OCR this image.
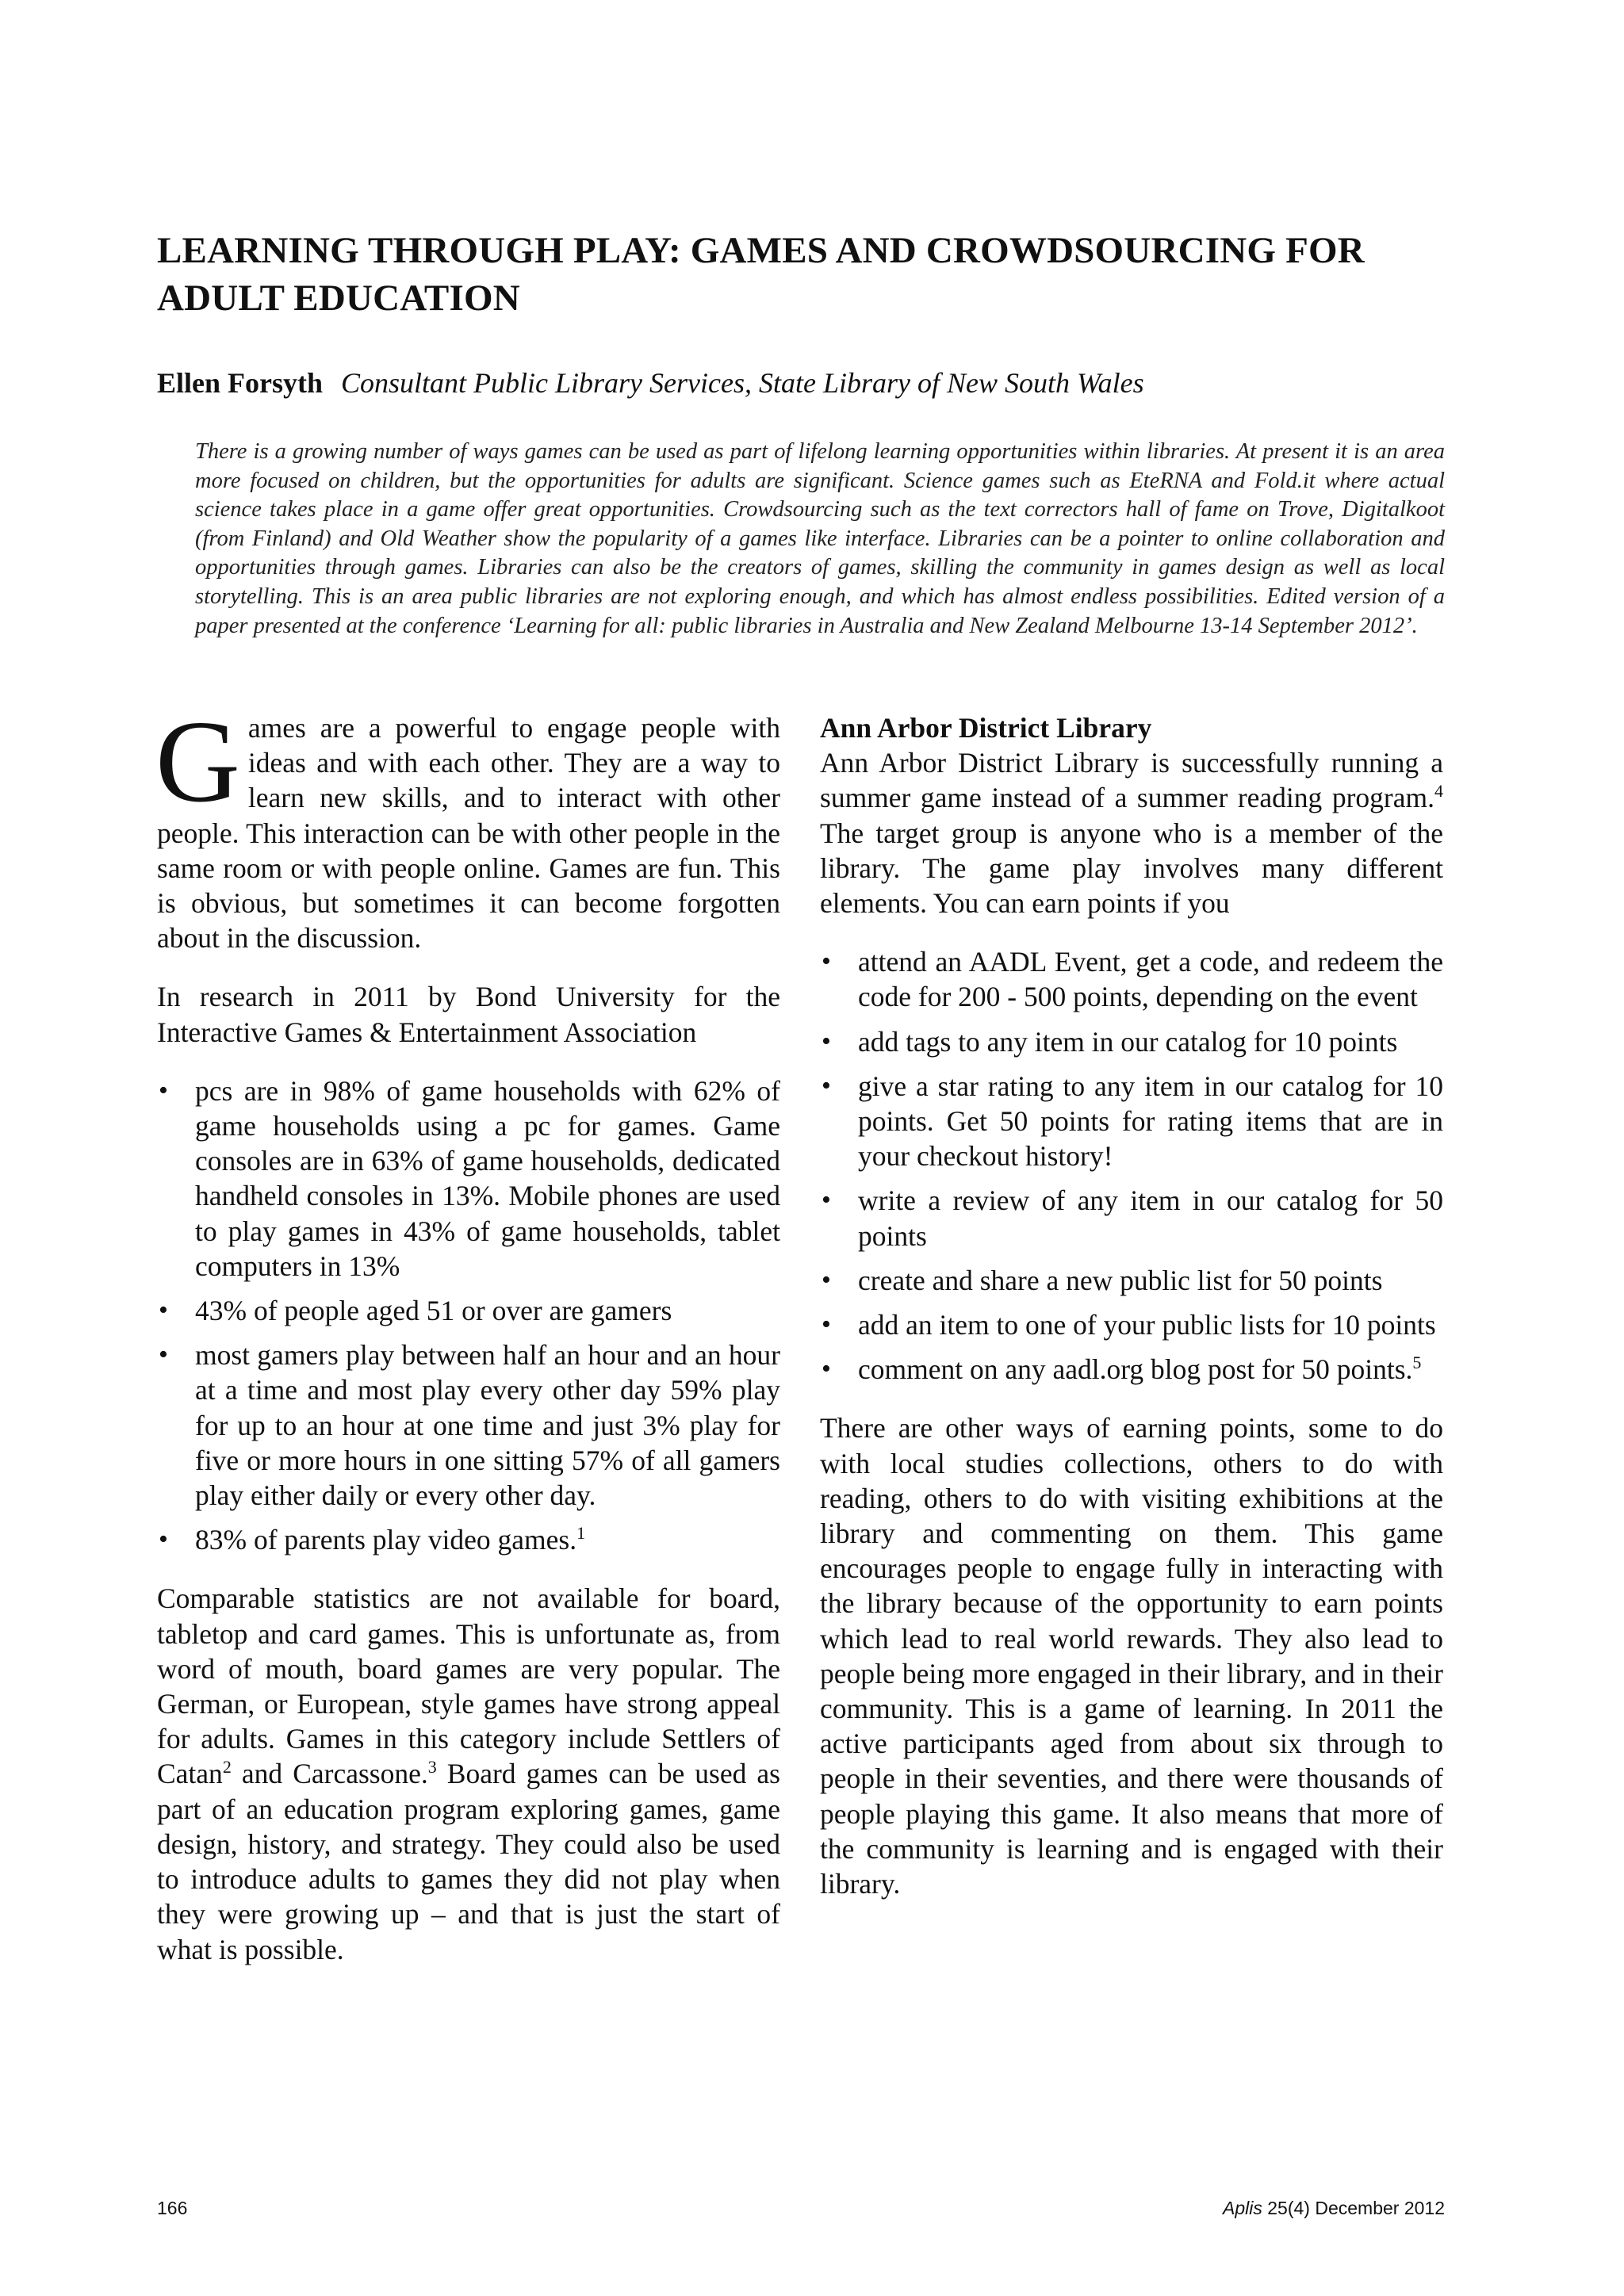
LEARNING THROUGH PLAY: GAMES AND CROWDSOURCING FOR ADULT EDUCATION

Ellen Forsyth Consultant Public Library Services, State Library of New South Wales

There is a growing number of ways games can be used as part of lifelong learning opportunities within libraries. At present it is an area more focused on children, but the opportunities for adults are significant. Science games such as EteRNA and Fold.it where actual science takes place in a game offer great opportunities. Crowdsourcing such as the text correctors hall of fame on Trove, Digitalkoot (from Finland) and Old Weather show the popularity of a games like interface. Libraries can be a pointer to online collaboration and opportunities through games. Libraries can also be the creators of games, skilling the community in games design as well as local storytelling. This is an area public libraries are not exploring enough, and which has almost endless possibilities. Edited version of a paper presented at the conference ‘Learning for all: public libraries in Australia and New Zealand Melbourne 13-14 September 2012’.

Games are a powerful to engage people with ideas and with each other. They are a way to learn new skills, and to interact with other people. This interaction can be with other people in the same room or with people online. Games are fun. This is obvious, but sometimes it can become forgotten about in the discussion.

In research in 2011 by Bond University for the Interactive Games & Entertainment Association

• pcs are in 98% of game households with 62% of game households using a pc for games. Game consoles are in 63% of game households, dedicated handheld consoles in 13%. Mobile phones are used to play games in 43% of game households, tablet computers in 13%
• 43% of people aged 51 or over are gamers
• most gamers play between half an hour and an hour at a time and most play every other day 59% play for up to an hour at one time and just 3% play for five or more hours in one sitting 57% of all gamers play either daily or every other day.
• 83% of parents play video games.$^1$

Comparable statistics are not available for board, tabletop and card games. This is unfortunate as, from word of mouth, board games are very popular. The German, or European, style games have strong appeal for adults. Games in this category include Settlers of Catan$^2$ and Carcassone.$^3$ Board games can be used as part of an education program exploring games, game design, history, and strategy. They could also be used to introduce adults to games they did not play when they were growing up – and that is just the start of what is possible.

Ann Arbor District Library

Ann Arbor District Library is successfully running a summer game instead of a summer reading program.$^4$ The target group is anyone who is a member of the library. The game play involves many different elements. You can earn points if you

• attend an AADL Event, get a code, and redeem the code for 200 - 500 points, depending on the event
• add tags to any item in our catalog for 10 points
• give a star rating to any item in our catalog for 10 points. Get 50 points for rating items that are in your checkout history!
• write a review of any item in our catalog for 50 points
• create and share a new public list for 50 points
• add an item to one of your public lists for 10 points
• comment on any aadl.org blog post for 50 points.$^5$

There are other ways of earning points, some to do with local studies collections, others to do with reading, others to do with visiting exhibitions at the library and commenting on them. This game encourages people to engage fully in interacting with the library because of the opportunity to earn points which lead to real world rewards. They also lead to people being more engaged in their library, and in their community. This is a game of learning. In 2011 the active participants aged from about six through to people in their seventies, and there were thousands of people playing this game. It also means that more of the community is learning and is engaged with their library.

166	Aplis 25(4) December 2012
